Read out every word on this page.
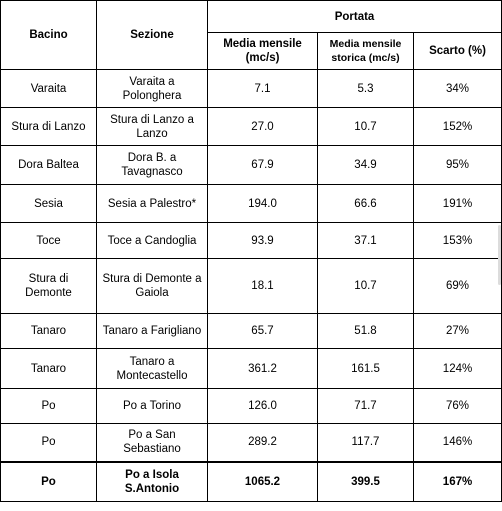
Bacino	Sezione	Portata		
		Media mensile (mc/s)	Media mensile storica (mc/s)	Scarto (%)
Varaita	Varaita a Polonghera	7.1	5.3	34%
Stura di Lanzo	Stura di Lanzo a Lanzo	27.0	10.7	152%
Dora Baltea	Dora B. a Tavagnasco	67.9	34.9	95%
Sesia	Sesia a Palestro*	194.0	66.6	191%
Toce	Toce a Candoglia	93.9	37.1	153%
Stura di Demonte	Stura di Demonte a Gaiola	18.1	10.7	69%
Tanaro	Tanaro a Farigliano	65.7	51.8	27%
Tanaro	Tanaro a Montecastello	361.2	161.5	124%
Po	Po a Torino	126.0	71.7	76%
Po	Po a San Sebastiano	289.2	117.7	146%
Po	Po a Isola S.Antonio	1065.2	399.5	167%
